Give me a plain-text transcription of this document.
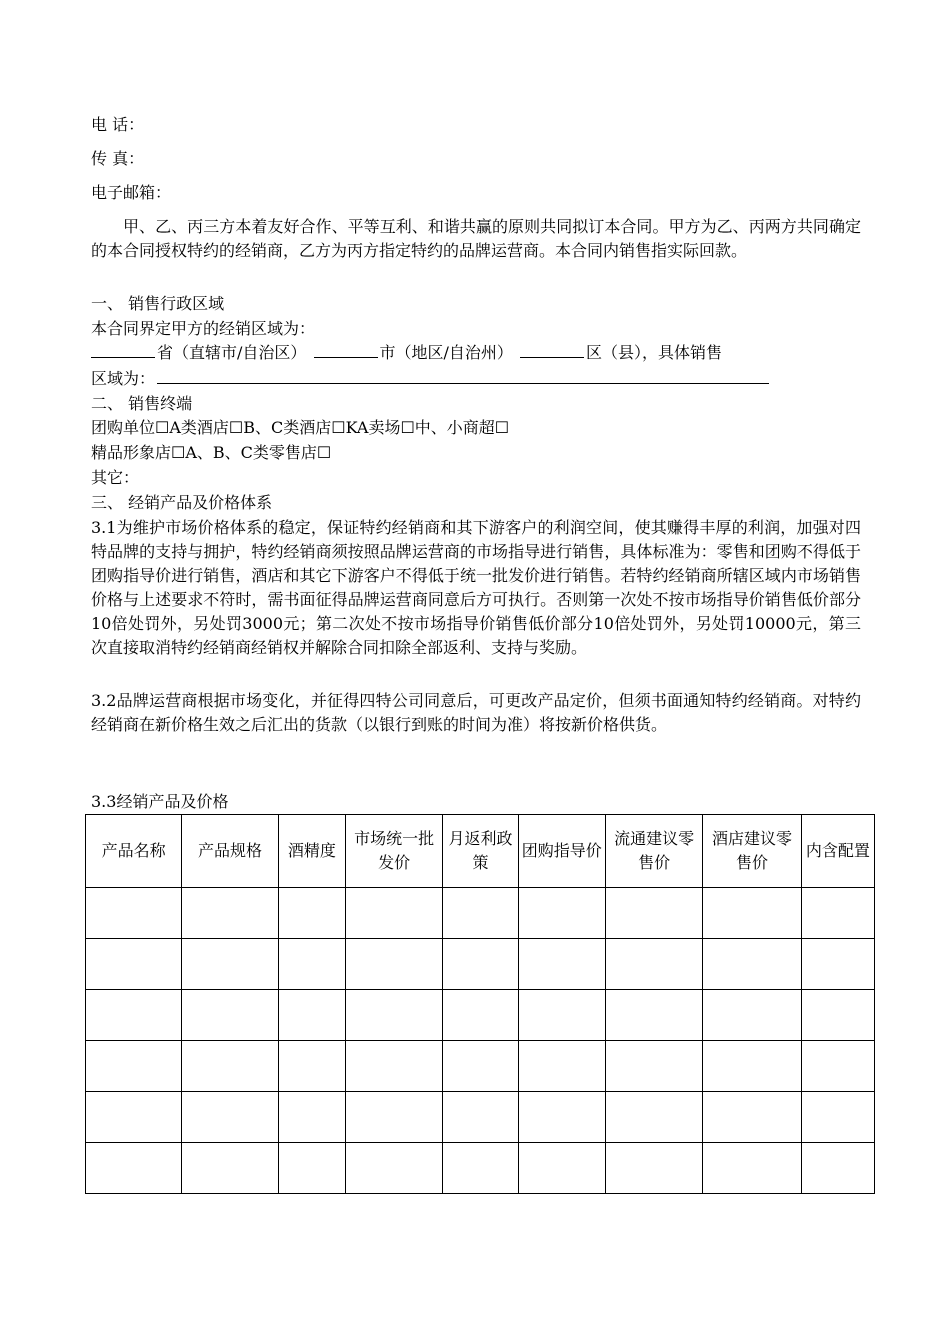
电 话：
传 真：
电子邮箱：
甲、乙、丙三方本着友好合作、平等互利、和谐共赢的原则共同拟订本合同。甲方为乙、丙两方共同确定的本合同授权特约的经销商，乙方为丙方指定特约的品牌运营商。本合同内销售指实际回款。
一、 销售行政区域
本合同界定甲方的经销区域为：
省（直辖市/自治区）	市（地区/自治州）	区（县），具体销售
区域为：
二、 销售终端
团购单位☐A类酒店☐B、C类酒店☐KA卖场☐中、小商超☐
精品形象店☐A、B、C类零售店☐
其它：
三、 经销产品及价格体系
3.1为维护市场价格体系的稳定，保证特约经销商和其下游客户的利润空间，使其赚得丰厚的利润，加强对四特品牌的支持与拥护，特约经销商须按照品牌运营商的市场指导进行销售，具体标准为：零售和团购不得低于团购指导价进行销售，酒店和其它下游客户不得低于统一批发价进行销售。若特约经销商所辖区域内市场销售价格与上述要求不符时，需书面征得品牌运营商同意后方可执行。否则第一次处不按市场指导价销售低价部分10倍处罚外，另处罚3000元；第二次处不按市场指导价销售低价部分10倍处罚外，另处罚10000元，第三次直接取消特约经销商经销权并解除合同扣除全部返利、支持与奖励。
3.2品牌运营商根据市场变化，并征得四特公司同意后，可更改产品定价，但须书面通知特约经销商。对特约经销商在新价格生效之后汇出的货款（以银行到账的时间为准）将按新价格供货。
3.3经销产品及价格
产品名称	产品规格	酒精度	市场统一批发价	月返利政策	团购指导价	流通建议零售价	酒店建议零售价	内含配置
